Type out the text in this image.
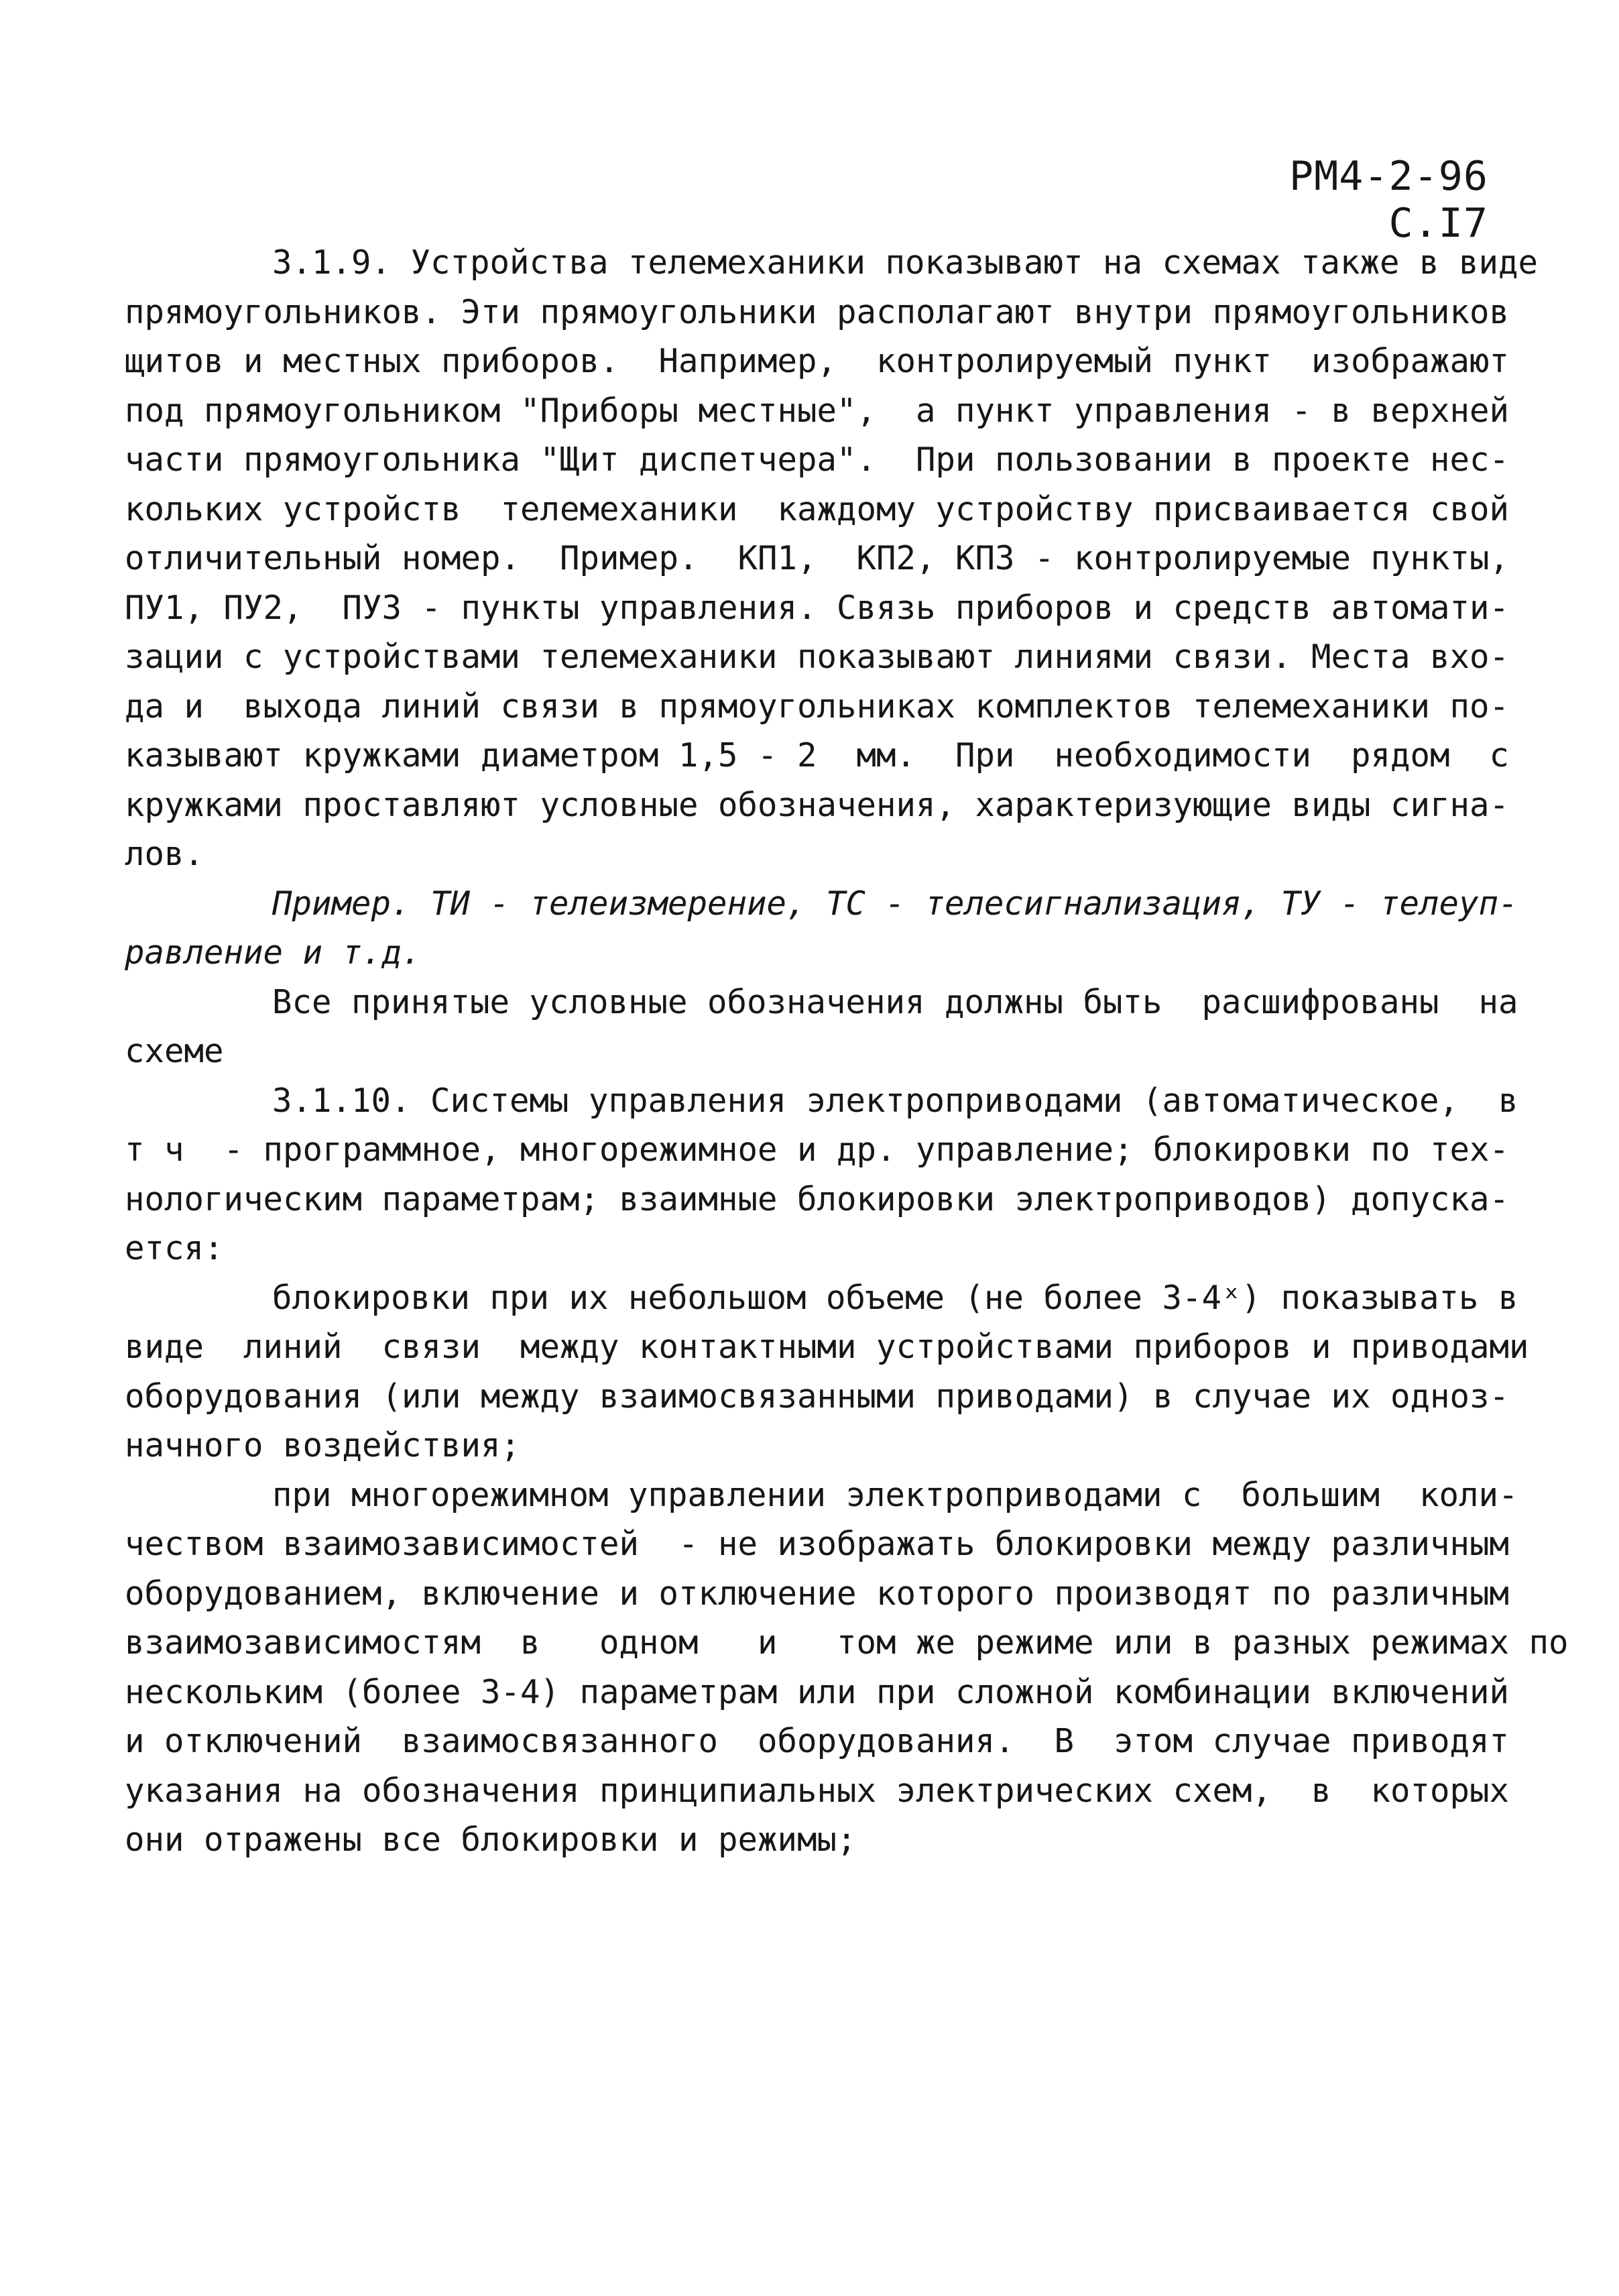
РМ4-2-96 С.I7
3.1.9. Устройства телемеханики показывают на схемах также в виде
прямоугольников. Эти прямоугольники располагают внутри прямоугольников
щитов и местных приборов.  Например,  контролируемый пункт  изображают
под прямоугольником "Приборы местные",  а пункт управления - в верхней
части прямоугольника "Щит диспетчера".  При пользовании в проекте нес-
кольких устройств  телемеханики  каждому устройству присваивается свой
отличительный номер.  Пример.  КП1,  КП2, КП3 - контролируемые пункты,
ПУ1, ПУ2,  ПУ3 - пункты управления. Связь приборов и средств автомати-
зации с устройствами телемеханики показывают линиями связи. Места вхо-
да и  выхода линий связи в прямоугольниках комплектов телемеханики по-
казывают кружками диаметром 1,5 - 2  мм.  При  необходимости  рядом  с
кружками проставляют условные обозначения, характеризующие виды сигна-
лов.
Пример. ТИ - телеизмерение, ТС - телесигнализация, ТУ - телеуп-
равление и т.д.
Все принятые условные обозначения должны быть  расшифрованы  на
схеме
3.1.10. Системы управления электроприводами (автоматическое,  в
т ч  - программное, многорежимное и др. управление; блокировки по тех-
нологическим параметрам; взаимные блокировки электроприводов) допуска-
ется:
блокировки при их небольшом объеме (не более 3-4ˣ) показывать в
виде  линий  связи  между контактными устройствами приборов и приводами
оборудования (или между взаимосвязанными приводами) в случае их одноз-
начного воздействия;
при многорежимном управлении электроприводами с  большим  коли-
чеством взаимозависимостей  - не изображать блокировки между различным
оборудованием, включение и отключение которого производят по различным
взаимозависимостям  в   одном   и   том же режиме или в разных режимах по
нескольким (более 3-4) параметрам или при сложной комбинации включений
и отключений  взаимосвязанного  оборудования.  В  этом случае приводят
указания на обозначения принципиальных электрических схем,  в  которых
они отражены все блокировки и режимы;
